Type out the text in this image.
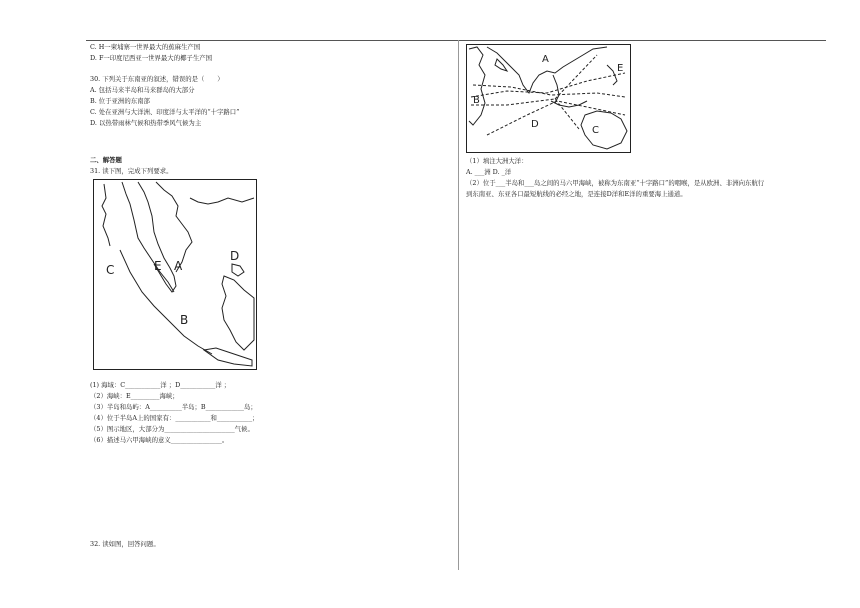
C. H一柬埔寨一世界最大的蕉麻生产国
D. F一印度尼西亚一世界最大的椰子生产国
30. 下列关于东南亚的叙述，错误的是（　　）
A. 包括马来半岛和马来群岛的大部分
B. 位于亚洲的东南部
C. 处在亚洲与大洋洲、印度洋与太平洋的“十字路口”
D. 以热带雨林气候和热带季风气候为主
二、解答题
31. 读下图，完成下列要求。
C	E A
D
B
(1) 海域：C___________洋 ；D___________洋 ；
（2）海峡：E_________海峡；
（3）半岛和岛屿：A__________半岛；B____________岛；
（4）位于半岛A上的国家有：___________和___________；
（5）图示地区，大部分为______________________气候。
（6）描述马六甲海峡的意义________________。
32. 读如图，回答问题。
A
E
B
D
C
（1）填注大洲大洋：
A. ___洲 D. _洋
（2）位于___半岛和___岛之间的马六甲海峡，被称为东南亚“十字路口”的咽喉，是从欧洲、非洲向东航行
到东南亚、东亚各口最短航线的必经之地，是连接D洋和E洋的重要海上通道。
